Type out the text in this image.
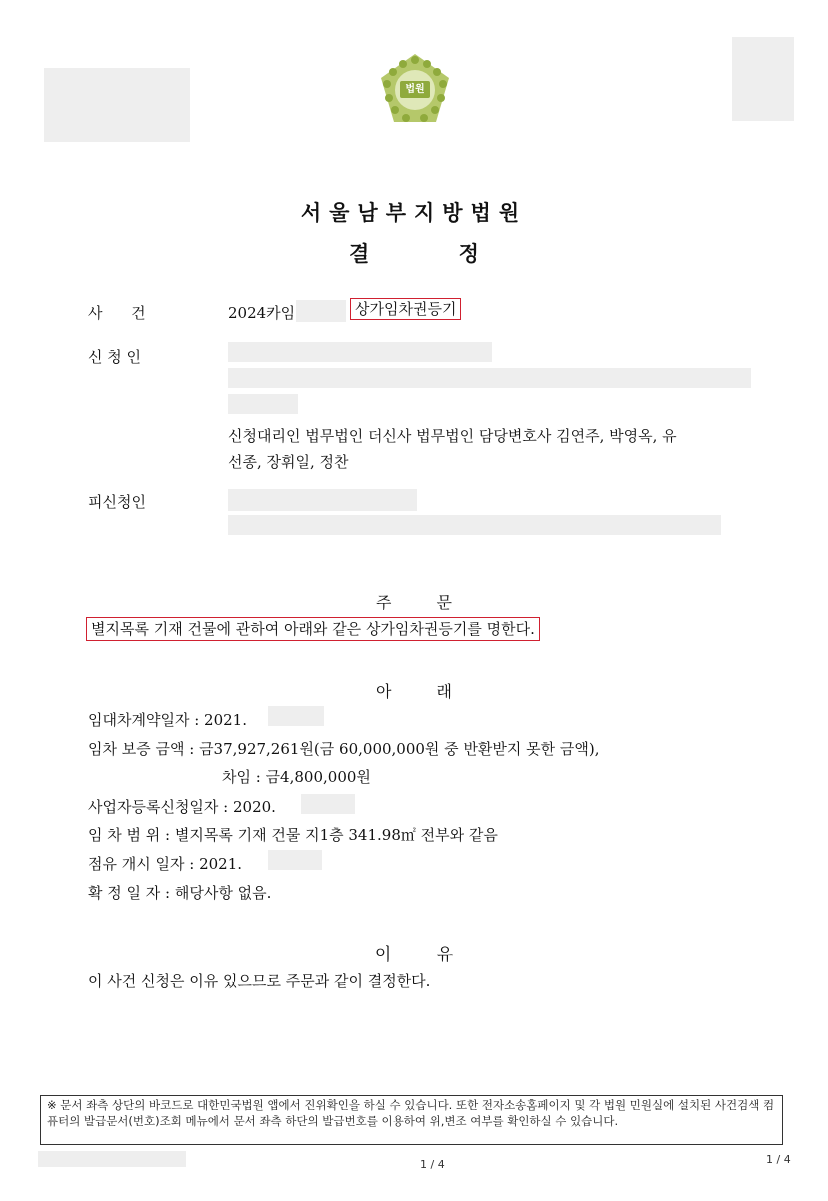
법원
서울남부지방법원
결 정
사      건	2024카임	상가임차권등기
신 청 인
신청대리인 법무법인 더신사 법무법인 담당변호사 김연주, 박영옥, 유
선종, 장휘일, 정찬
피신청인
주 문
별지목록 기재 건물에 관하여 아래와 같은 상가임차권등기를 명한다.
아 래
임대차계약일자 : 2021.
임차 보증 금액 : 금37,927,261원(금 60,000,000원 중 반환받지 못한 금액),
차임 : 금4,800,000원
사업자등록신청일자 : 2020.
임 차 범 위 : 별지목록 기재 건물 지1층 341.98㎡ 전부와 같음
점유 개시 일자 : 2021.
확 정 일 자 : 해당사항 없음.
이 유
이 사건 신청은 이유 있으므로 주문과 같이 결정한다.
※ 문서 좌측 상단의 바코드로 대한민국법원 앱에서 진위확인을 하실 수 있습니다. 또한 전자소송홈페이지 및 각 법원 민원실에 설치된 사건검색 컴퓨터의 발급문서(번호)조회 메뉴에서 문서 좌측 하단의 발급번호를 이용하여 위,변조 여부를 확인하실 수 있습니다.
1 / 4	1 / 4
